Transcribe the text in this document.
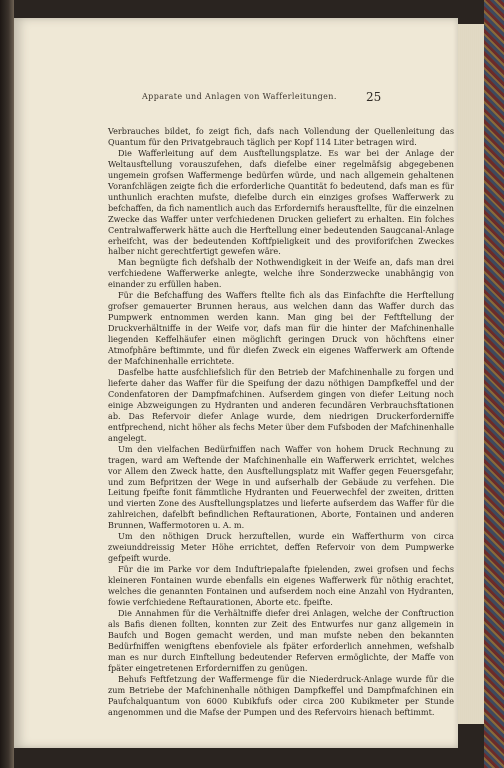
Apparate und Anlagen von Wafferleitungen. 25

Verbrauches bildet, fo zeigt fich, dafs nach Vollendung der Quellenleitung das Quantum für den Privatgebrauch täglich per Kopf 114 Liter betragen wird.

Die Wafferleitung auf dem Ausftellungsplatze. Es war bei der Anlage der Weltausftellung vorauszufehen, dafs diefelbe einer regelmäfsig abgegebenen ungemein grofsen Waffermenge bedürfen würde, und nach allgemein gehaltenen Voranfchlägen zeigte fich die erforderliche Quantität fo bedeutend, dafs man es für unthunlich erachten mufste, diefelbe durch ein einziges grofses Wafferwerk zu befchaffen, da fich namentlich auch das Erfordernifs herausftellte, für die einzelnen Zwecke das Waffer unter verfchiedenen Drucken geliefert zu erhalten. Ein folches Centralwafferwerk hätte auch die Herftellung einer bedeutenden Saugcanal-Anlage erheifcht, was der bedeutenden Koftfpieligkeit und des proviforifchen Zweckes halber nicht gerechtfertigt gewefen wäre.

Man begnügte fich defshalb der Nothwendigkeit in der Weife an, dafs man drei verfchiedene Wafferwerke anlegte, welche ihre Sonderzwecke unabhängig von einander zu erfüllen haben.

Für die Befchaffung des Waffers ftellte fich als das Einfachfte die Herftellung grofser gemauerter Brunnen heraus, aus welchen dann das Waffer durch das Pumpwerk entnommen werden kann. Man ging bei der Feftftellung der Druckverhältniffe in der Weife vor, dafs man für die hinter der Mafchinenhalle liegenden Keffelhäufer einen möglichft geringen Druck von höchftens einer Atmofphäre beftimmte, und für diefen Zweck ein eigenes Wafferwerk am Oftende der Mafchinenhalle errichtete.

Dasfelbe hatte ausfchliefslich für den Betrieb der Mafchinenhalle zu forgen und lieferte daher das Waffer für die Speifung der dazu nöthigen Dampfkeffel und der Condenfatoren der Dampfmafchinen. Aufserdem gingen von diefer Leitung noch einige Abzweigungen zu Hydranten und anderen fecundären Verbrauchsftationen ab. Das Refervoir diefer Anlage wurde, dem niedrigen Druckerforderniffe entfprechend, nicht höher als fechs Meter über dem Fufsboden der Mafchinenhalle angelegt.

Um den vielfachen Bedürfniffen nach Waffer von hohem Druck Rechnung zu tragen, ward am Weftende der Mafchinenhalle ein Wafferwerk errichtet, welches vor Allem den Zweck hatte, den Ausftellungsplatz mit Waffer gegen Feuersgefahr, und zum Befpritzen der Wege in und aufserhalb der Gebäude zu verfehen. Die Leitung fpeifte fonit fämmtliche Hydranten und Feuerwechfel der zweiten, dritten und vierten Zone des Ausftellungsplatzes und lieferte aufserdem das Waffer für die zahlreichen, dafelbft befindlichen Reftaurationen, Aborte, Fontainen und anderen Brunnen, Waffermotoren u. A. m.

Um den nöthigen Druck herzuftellen, wurde ein Wafferthurm von circa zweiunddreissig Meter Höhe errichtet, deffen Refervoir von dem Pumpwerke gefpeift wurde.

Für die im Parke vor dem Induftriepalafte fpielenden, zwei grofsen und fechs kleineren Fontainen wurde ebenfalls ein eigenes Wafferwerk für nöthig erachtet, welches die genannten Fontainen und aufserdem noch eine Anzahl von Hydranten, fowie verfchiedene Reftaurationen, Aborte etc. fpeifte.

Die Annahmen für die Verhältniffe diefer drei Anlagen, welche der Conftruction als Bafis dienen follten, konnten zur Zeit des Entwurfes nur ganz allgemein in Baufch und Bogen gemacht werden, und man mufste neben den bekannten Bedürfniffen wenigftens ebenfoviele als fpäter erforderlich annehmen, wefshalb man es nur durch Einftellung bedeutender Referven ermöglichte, der Maffe von fpäter eingetretenen Erforderniffen zu genügen.

Behufs Feftfetzung der Waffermenge für die Niederdruck-Anlage wurde für die zum Betriebe der Mafchinenhalle nöthigen Dampfkeffel und Dampfmafchinen ein Paufchalquantum von 6000 Kubikfufs oder circa 200 Kubikmeter per Stunde angenommen und die Mafse der Pumpen und des Refervoirs hienach beftimmt.
